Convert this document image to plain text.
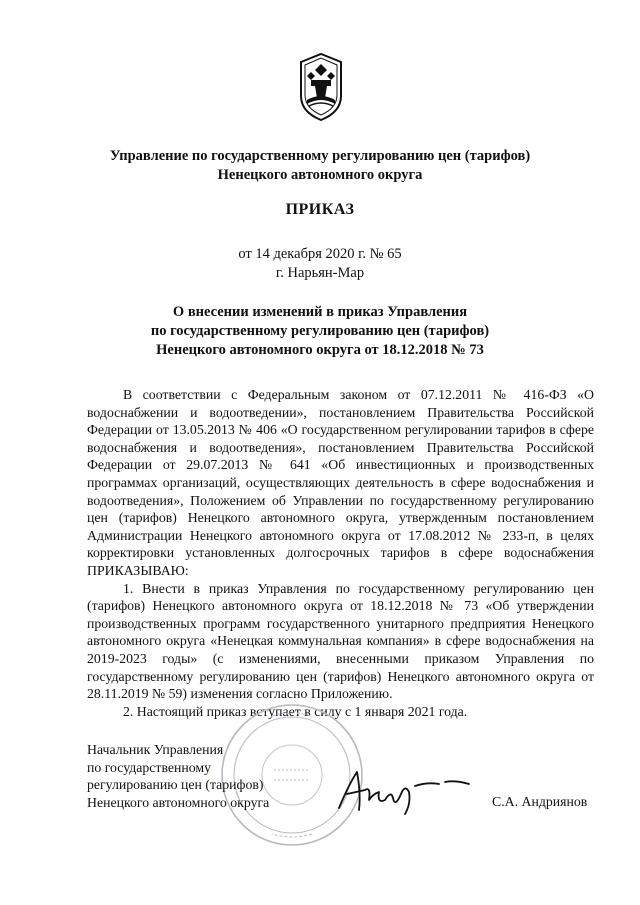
Управление по государственному регулированию цен (тарифов)
Ненецкого автономного округа
ПРИКАЗ
от 14 декабря 2020 г. № 65
г. Нарьян-Мар
О внесении изменений в приказ Управления
по государственному регулированию цен (тарифов)
Ненецкого автономного округа от 18.12.2018 № 73

В соответствии с Федеральным законом от 07.12.2011 № 416-ФЗ «О водоснабжении и водоотведении», постановлением Правительства Российской Федерации от 13.05.2013 № 406 «О государственном регулировании тарифов в сфере водоснабжения и водоотведения», постановлением Правительства Российской Федерации от 29.07.2013 № 641 «Об инвестиционных и производственных программах организаций, осуществляющих деятельность в сфере водоснабжения и водоотведения», Положением об Управлении по государственному регулированию цен (тарифов) Ненецкого автономного округа, утвержденным постановлением Администрации Ненецкого автономного округа от 17.08.2012 № 233-п, в целях корректировки установленных долгосрочных тарифов в сфере водоснабжения ПРИКАЗЫВАЮ:

1. Внести в приказ Управления по государственному регулированию цен (тарифов) Ненецкого автономного округа от 18.12.2018 № 73 «Об утверждении производственных программ государственного унитарного предприятия Ненецкого автономного округа «Ненецкая коммунальная компания» в сфере водоснабжения на 2019-2023 годы» (с изменениями, внесенными приказом Управления по государственному регулированию цен (тарифов) Ненецкого автономного округа от 28.11.2019 № 59) изменения согласно Приложению.

2. Настоящий приказ вступает в силу с 1 января 2021 года.

Начальник Управления
по государственному
регулированию цен (тарифов)
Ненецкого автономного округа	С.А. Андриянов
